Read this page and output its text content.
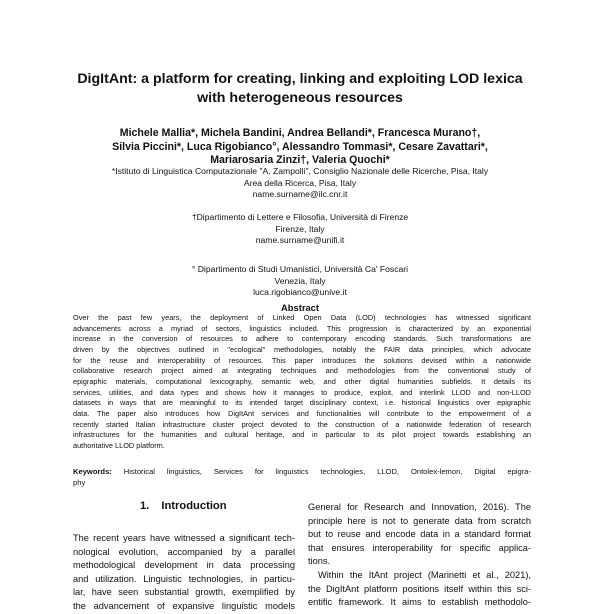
DigItAnt: a platform for creating, linking and exploiting LOD lexica
with heterogeneous resources
Michele Mallia*, Michela Bandini, Andrea Bellandi*, Francesca Murano†,
Silvia Piccini*, Luca Rigobianco°, Alessandro Tommasi*, Cesare Zavattari*,
Mariarosaria Zinzi†, Valeria Quochi*
*Istituto di Linguistica Computazionale "A. Zampolli", Consiglio Nazionale delle Ricerche, Pisa, Italy
Area della Ricerca, Pisa, Italy
name.surname@ilc.cnr.it
†Dipartimento di Lettere e Filosofia, Università di Firenze
Firenze, Italy
name.surname@unifi.it
° Dipartimento di Studi Umanistici, Università Ca' Foscari
Venezia, Italy
luca.rigobianco@unive.it
Abstract
Over the past few years, the deployment of Linked Open Data (LOD) technologies has witnessed significant
advancements across a myriad of sectors, linguistics included. This progression is characterized by an exponential
increase in the conversion of resources to adhere to contemporary encoding standards. Such transformations are
driven by the objectives outlined in "ecological" methodologies, notably the FAIR data principles, which advocate
for the reuse and interoperability of resources. This paper introduces the solutions devised within a nationwide
collaborative research project aimed at integrating techniques and methodologies from the conventional study of
epigraphic materials, computational lexicography, semantic web, and other digital humanities subfields. It details its
services, utilities, and data types and shows how it manages to produce, exploit, and interlink LLOD and non-LLOD
datasets in ways that are meaningful to its intended target disciplinary context, i.e. historical linguistics over epigraphic
data. The paper also introduces how DigItAnt services and functionalities will contribute to the empowerment of a
recently started Italian infrastructure cluster project devoted to the construction of a nationwide federation of research
infrastructures for the humanities and cultural heritage, and in particular to its pilot project towards establishing an
authoritative LLOD platform.
Keywords: Historical linguistics, Services for linguistics technologies, LLOD, Ontolex-lemon, Digital epigra-
phy
1. Introduction
The recent years have witnessed a significant tech-
nological evolution, accompanied by a parallel
methodological development in data processing
and utilization. Linguistic technologies, in particu-
lar, have seen substantial growth, exemplified by
the advancement of expansive linguistic models
General for Research and Innovation, 2016). The
principle here is not to generate data from scratch
but to reuse and encode data in a standard format
that ensures interoperability for specific applica-
tions.
Within the ItAnt project (Marinetti et al., 2021),
the DigItAnt platform positions itself within this sci-
entific framework. It aims to establish methodolo-
